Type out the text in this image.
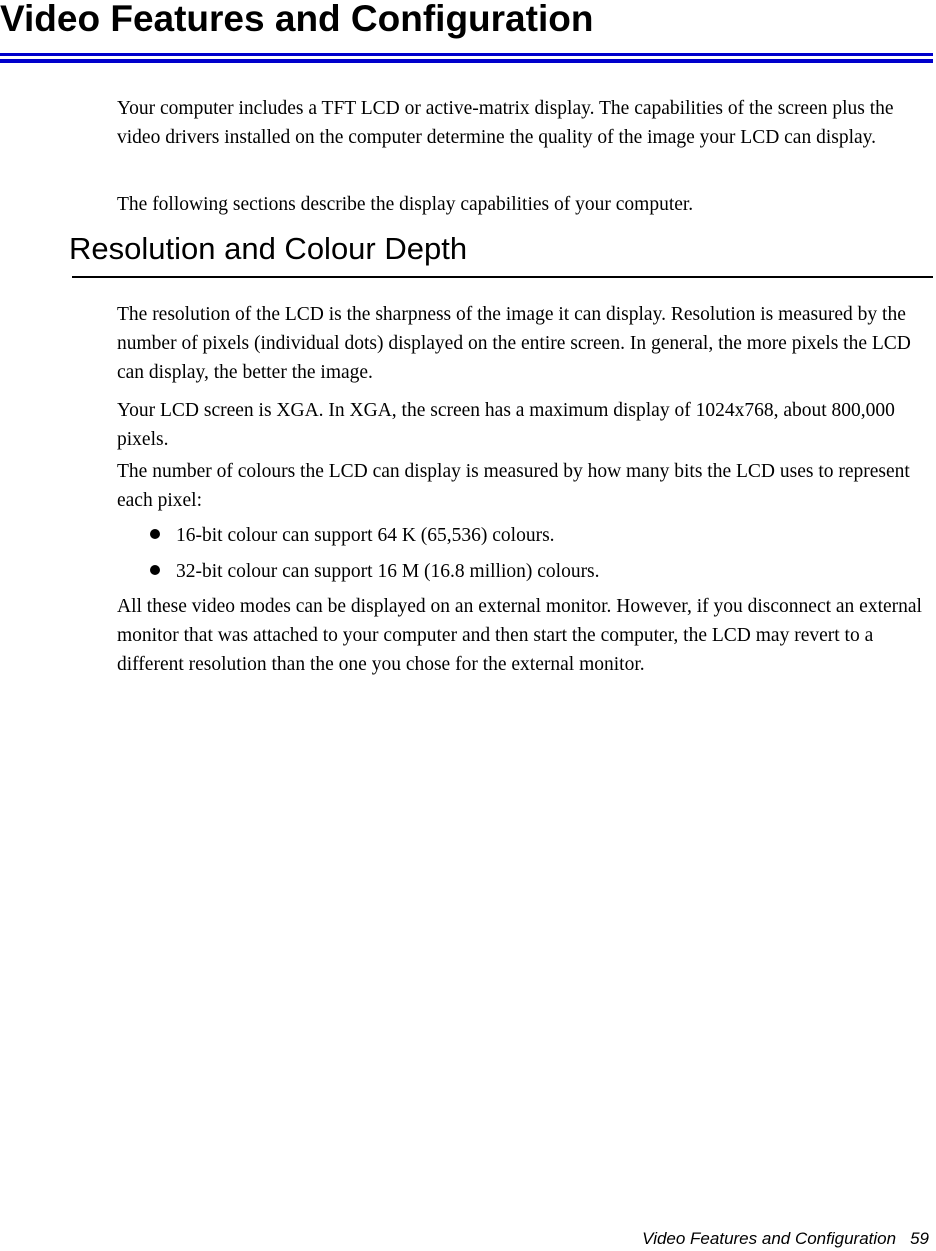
Video Features and Configuration

Your computer includes a TFT LCD or active-matrix display. The capabilities of the screen plus the video drivers installed on the computer determine the quality of the image your LCD can display.

The following sections describe the display capabilities of your computer.

Resolution and Colour Depth

The resolution of the LCD is the sharpness of the image it can display. Resolution is measured by the number of pixels (individual dots) displayed on the entire screen. In general, the more pixels the LCD can display, the better the image.

Your LCD screen is XGA. In XGA, the screen has a maximum display of 1024x768, about 800,000 pixels.

The number of colours the LCD can display is measured by how many bits the LCD uses to represent each pixel:

16-bit colour can support 64 K (65,536) colours.
32-bit colour can support 16 M (16.8 million) colours.

All these video modes can be displayed on an external monitor. However, if you disconnect an external monitor that was attached to your computer and then start the computer, the LCD may revert to a different resolution than the one you chose for the external monitor.

Video Features and Configuration 59
